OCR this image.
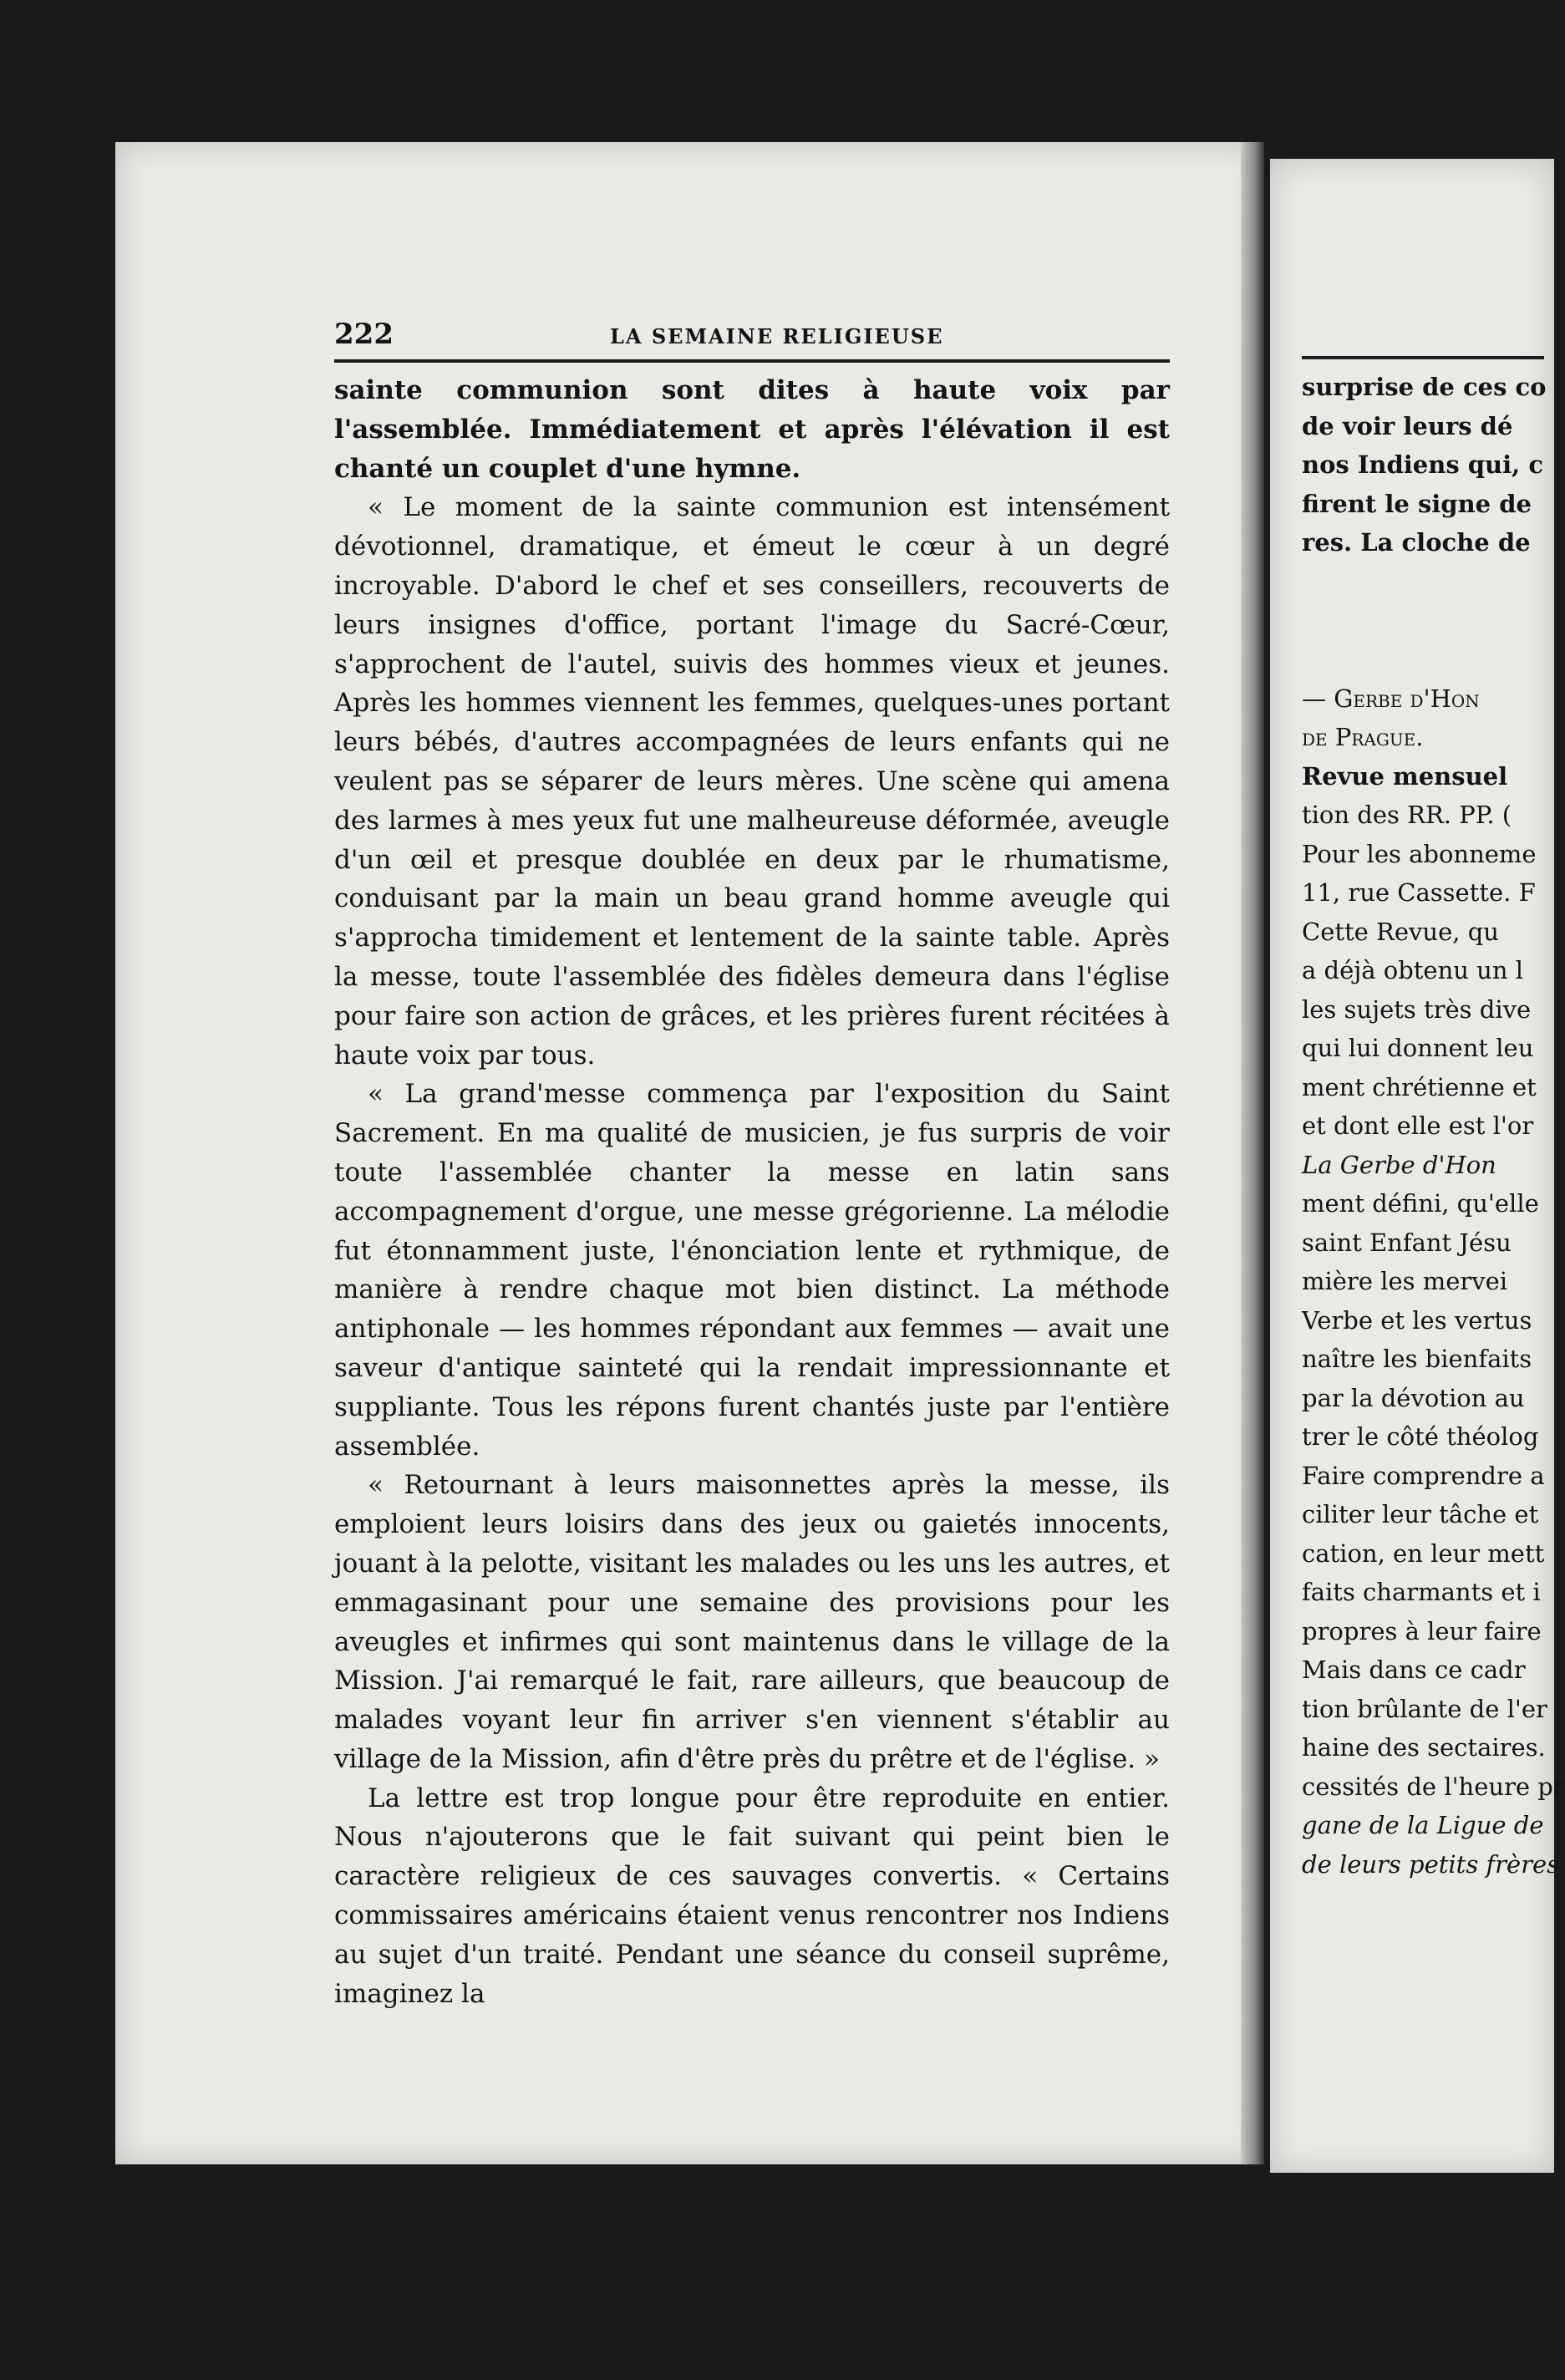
222	LA SEMAINE RELIGIEUSE

sainte communion sont dites à haute voix par l'assemblée. Immédiatement et après l'élévation il est chanté un couplet d'une hymne.

« Le moment de la sainte communion est intensément dévotionnel, dramatique, et émeut le cœur à un degré incroyable. D'abord le chef et ses conseillers, recouverts de leurs insignes d'office, portant l'image du Sacré-Cœur, s'approchent de l'autel, suivis des hommes vieux et jeunes. Après les hommes viennent les femmes, quelques-unes portant leurs bébés, d'autres accompagnées de leurs enfants qui ne veulent pas se séparer de leurs mères. Une scène qui amena des larmes à mes yeux fut une malheureuse déformée, aveugle d'un œil et presque doublée en deux par le rhumatisme, conduisant par la main un beau grand homme aveugle qui s'approcha timidement et lentement de la sainte table. Après la messe, toute l'assemblée des fidèles demeura dans l'église pour faire son action de grâces, et les prières furent récitées à haute voix par tous.

« La grand'messe commença par l'exposition du Saint Sacrement. En ma qualité de musicien, je fus surpris de voir toute l'assemblée chanter la messe en latin sans accompagnement d'orgue, une messe grégorienne. La mélodie fut étonnamment juste, l'énonciation lente et rythmique, de manière à rendre chaque mot bien distinct. La méthode antiphonale — les hommes répondant aux femmes — avait une saveur d'antique sainteté qui la rendait impressionnante et suppliante. Tous les répons furent chantés juste par l'entière assemblée.

« Retournant à leurs maisonnettes après la messe, ils emploient leurs loisirs dans des jeux ou gaietés innocents, jouant à la pelotte, visitant les malades ou les uns les autres, et emmagasinant pour une semaine des provisions pour les aveugles et infirmes qui sont maintenus dans le village de la Mission. J'ai remarqué le fait, rare ailleurs, que beaucoup de malades voyant leur fin arriver s'en viennent s'établir au village de la Mission, afin d'être près du prêtre et de l'église. »

La lettre est trop longue pour être reproduite en entier. Nous n'ajouterons que le fait suivant qui peint bien le caractère religieux de ces sauvages convertis. « Certains commissaires américains étaient venus rencontrer nos Indiens au sujet d'un traité. Pendant une séance du conseil suprême, imaginez la

surprise de ces co
de voir leurs dé
nos Indiens qui, c
firent le signe de
res. La cloche de
— Gerbe d'Hon
de Prague.
Revue mensuel
tion des RR. PP. (
Pour les abonneme
11, rue Cassette. F
Cette Revue, qu
a déjà obtenu un l
les sujets très dive
qui lui donnent leu
ment chrétienne et
et dont elle est l'or
La Gerbe d'Hon
ment défini, qu'elle
saint Enfant Jésu
mière les mervei
Verbe et les vertus
naître les bienfaits
par la dévotion au
trer le côté théolog
Faire comprendre a
ciliter leur tâche et
cation, en leur mett
faits charmants et i
propres à leur faire
Mais dans ce cadr
tion brûlante de l'er
haine des sectaires.
cessités de l'heure pr
gane de la Ligue de
de leurs petits frères
